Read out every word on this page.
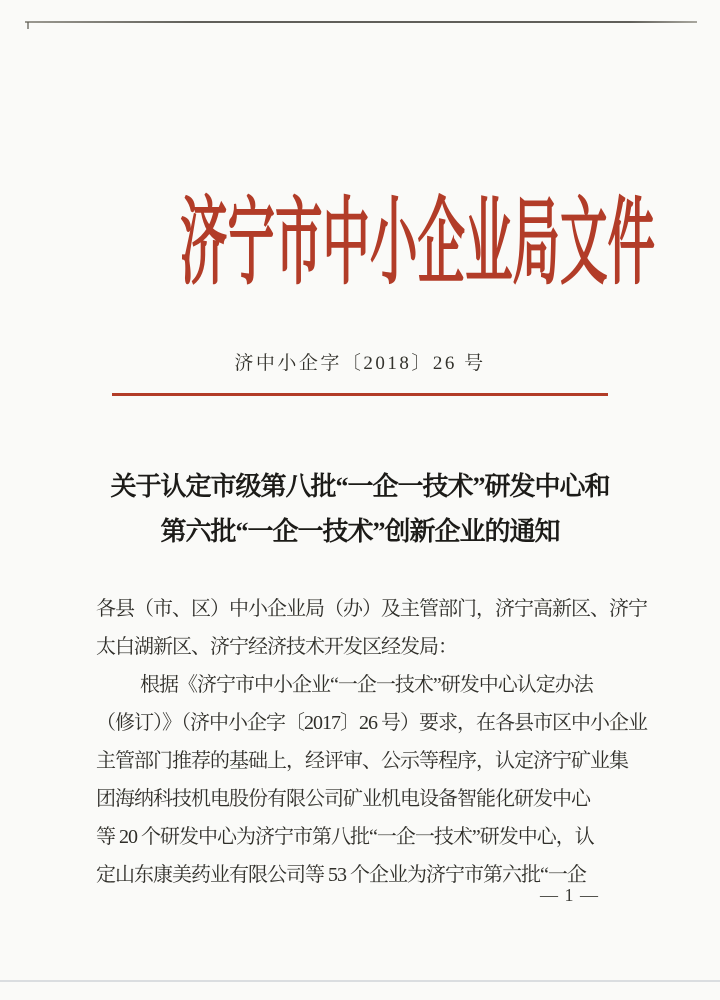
济宁市中小企业局文件
济中小企字〔2018〕26 号
关于认定市级第八批“一企一技术”研发中心和
第六批“一企一技术”创新企业的通知
各县（市、区）中小企业局（办）及主管部门，济宁高新区、济宁
太白湖新区、济宁经济技术开发区经发局：
根据《济宁市中小企业“一企一技术”研发中心认定办法
（修订）》（济中小企字〔2017〕26 号）要求，在各县市区中小企业
主管部门推荐的基础上，经评审、公示等程序，认定济宁矿业集
团海纳科技机电股份有限公司矿业机电设备智能化研发中心
等 20 个研发中心为济宁市第八批“一企一技术”研发中心，认
定山东康美药业有限公司等 53 个企业为济宁市第六批“一企
— 1 —
